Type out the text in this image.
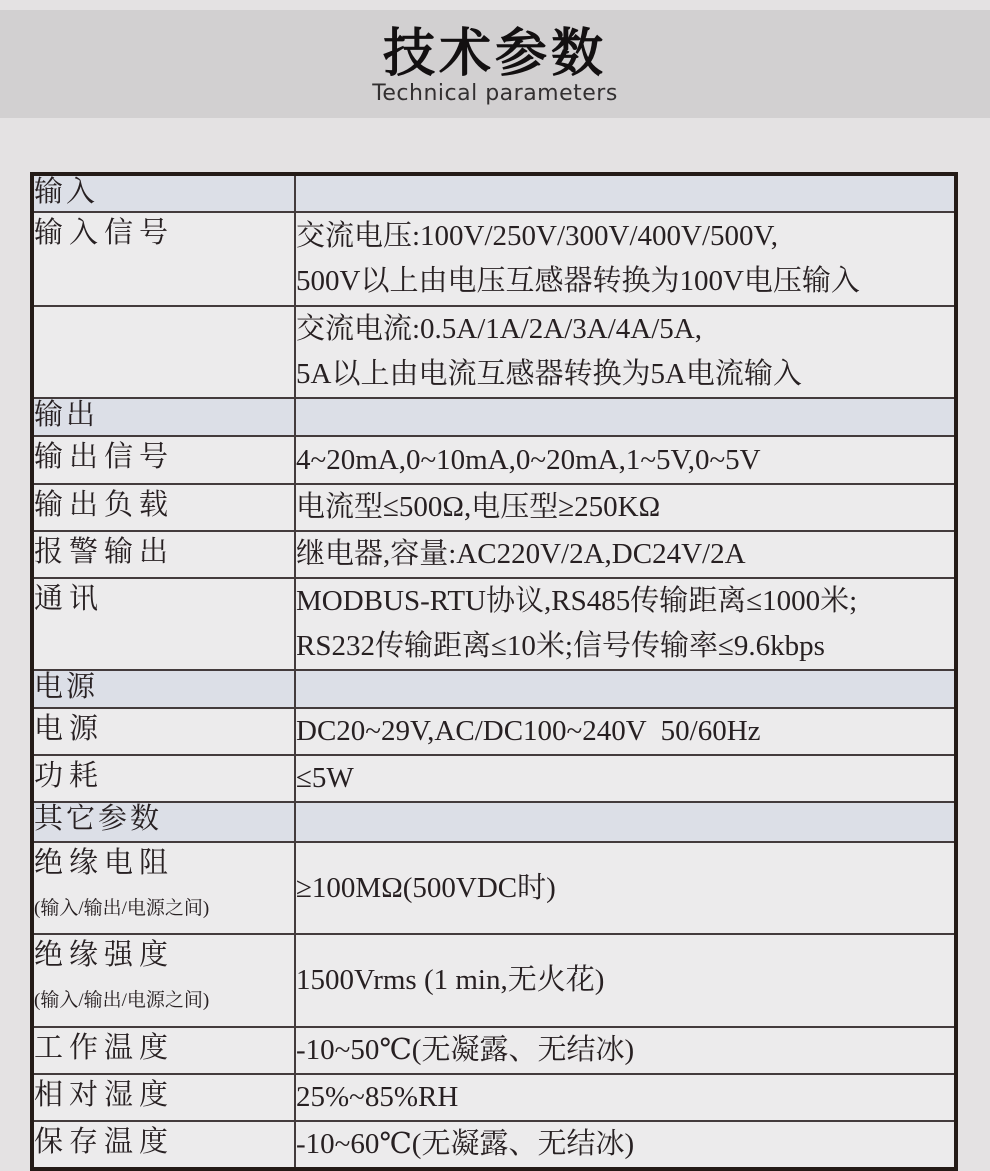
技术参数
Technical parameters
输入	

输入信号	交流电压:100V/250V/300V/400V/500V,
500V以上由电压互感器转换为100V电压输入

	交流电流:0.5A/1A/2A/3A/4A/5A,
5A以上由电流互感器转换为5A电流输入

输出	

输出信号	4~20mA,0~10mA,0~20mA,1~5V,0~5V

输出负载	电流型≤500Ω,电压型≥250KΩ

报警输出	继电器,容量:AC220V/2A,DC24V/2A

通讯	MODBUS-RTU协议,RS485传输距离≤1000米;
RS232传输距离≤10米;信号传输率≤9.6kbps

电源	

电源	DC20~29V,AC/DC100~240V  50/60Hz

功耗	≤5W

其它参数	

绝缘电阻
(输入/输出/电源之间)	≥100MΩ(500VDC时)

绝缘强度
(输入/输出/电源之间)	1500Vrms (1 min,无火花)

工作温度	-10~50℃(无凝露、无结冰)

相对湿度	25%~85%RH

保存温度	-10~60℃(无凝露、无结冰)
